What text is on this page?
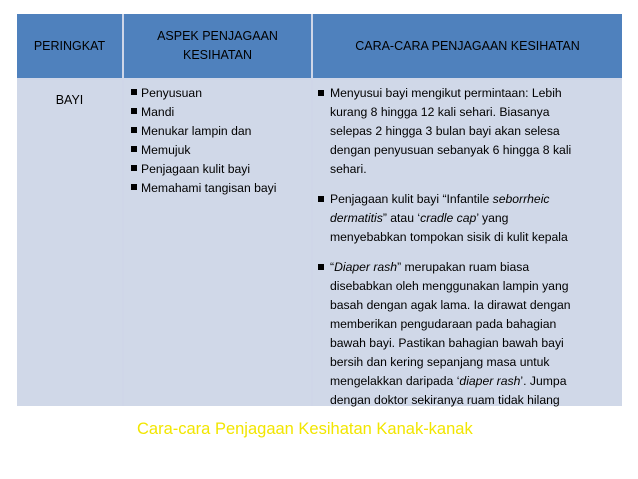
PERINGKAT
ASPEK PENJAGAAN
KESIHATAN
CARA-CARA PENJAGAAN KESIHATAN
BAYI	Penyusuan
Mandi
Menukar lampin dan
Memujuk
Penjagaan kulit bayi
Memahami tangisan bayi
Menyusui bayi mengikut permintaan: Lebih
kurang 8 hingga 12 kali sehari. Biasanya
selepas 2 hingga 3 bulan bayi akan selesa
dengan penyusuan sebanyak 6 hingga 8 kali
sehari.
Penjagaan kulit bayi “Infantile seborrheic
dermatitis” atau ‘cradle cap’ yang
menyebabkan tompokan sisik di kulit kepala
“Diaper rash” merupakan ruam biasa
disebabkan oleh menggunakan lampin yang
basah dengan agak lama. Ia dirawat dengan
memberikan pengudaraan pada bahagian
bawah bayi. Pastikan bahagian bawah bayi
bersih dan kering sepanjang masa untuk
mengelakkan daripada ‘diaper rash’. Jumpa
dengan doktor sekiranya ruam tidak hilang
Cara-cara Penjagaan Kesihatan Kanak-kanak
